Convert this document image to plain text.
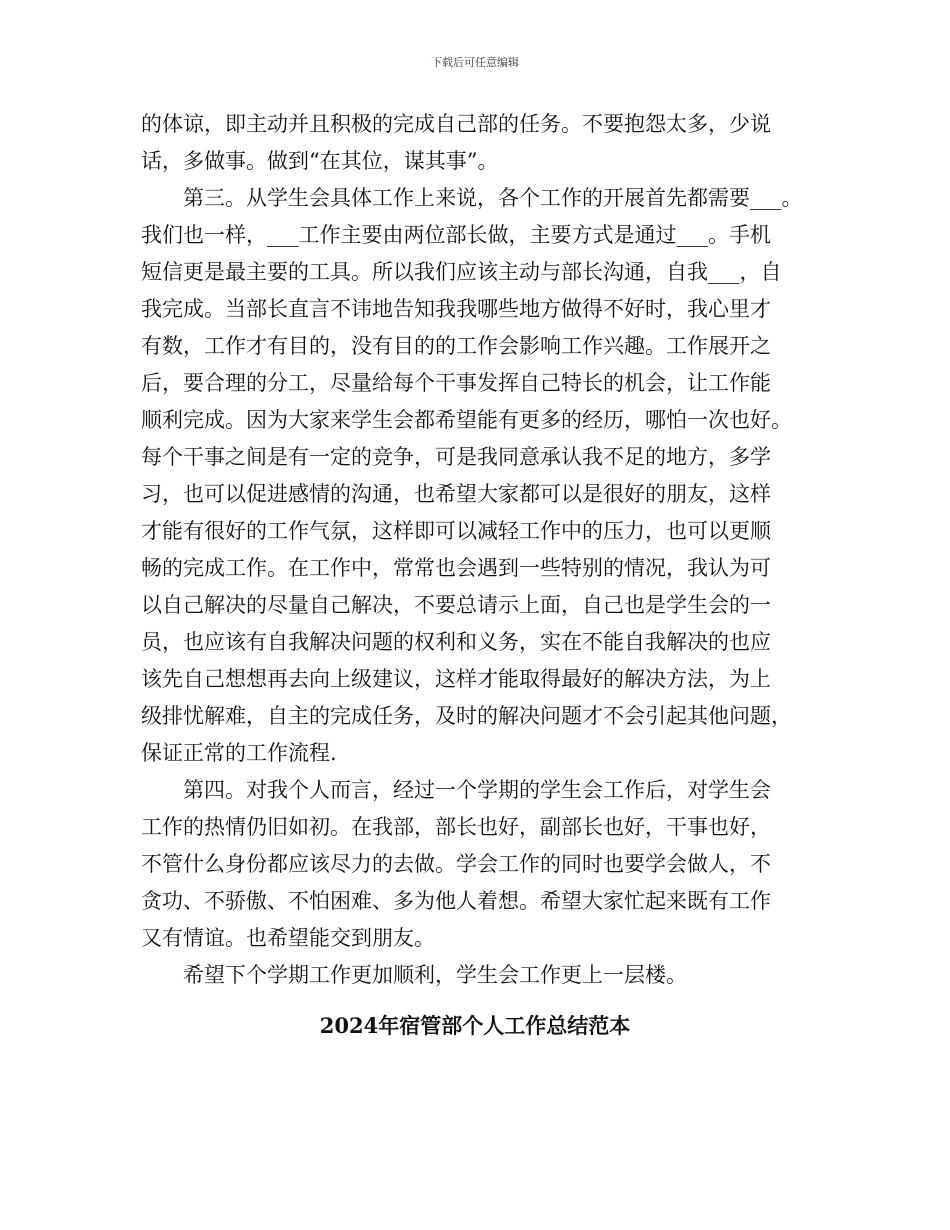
下载后可任意编辑
的体谅，即主动并且积极的完成自己部的任务。不要抱怨太多，少说
话，多做事。做到“在其位，谋其事”。
　　第三。从学生会具体工作上来说，各个工作的开展首先都需要___。
我们也一样，___工作主要由两位部长做，主要方式是通过___。手机
短信更是最主要的工具。所以我们应该主动与部长沟通，自我___，自
我完成。当部长直言不讳地告知我我哪些地方做得不好时，我心里才
有数，工作才有目的，没有目的的工作会影响工作兴趣。工作展开之
后，要合理的分工，尽量给每个干事发挥自己特长的机会，让工作能
顺利完成。因为大家来学生会都希望能有更多的经历，哪怕一次也好。
每个干事之间是有一定的竞争，可是我同意承认我不足的地方，多学
习，也可以促进感情的沟通，也希望大家都可以是很好的朋友，这样
才能有很好的工作气氛，这样即可以减轻工作中的压力，也可以更顺
畅的完成工作。在工作中，常常也会遇到一些特别的情况，我认为可
以自己解决的尽量自己解决，不要总请示上面，自己也是学生会的一
员，也应该有自我解决问题的权利和义务，实在不能自我解决的也应
该先自己想想再去向上级建议，这样才能取得最好的解决方法，为上
级排忧解难，自主的完成任务，及时的解决问题才不会引起其他问题，
保证正常的工作流程.
　　第四。对我个人而言，经过一个学期的学生会工作后，对学生会
工作的热情仍旧如初。在我部，部长也好，副部长也好，干事也好，
不管什么身份都应该尽力的去做。学会工作的同时也要学会做人，不
贪功、不骄傲、不怕困难、多为他人着想。希望大家忙起来既有工作
又有情谊。也希望能交到朋友。
　　希望下个学期工作更加顺利，学生会工作更上一层楼。
2024年宿管部个人工作总结范本
